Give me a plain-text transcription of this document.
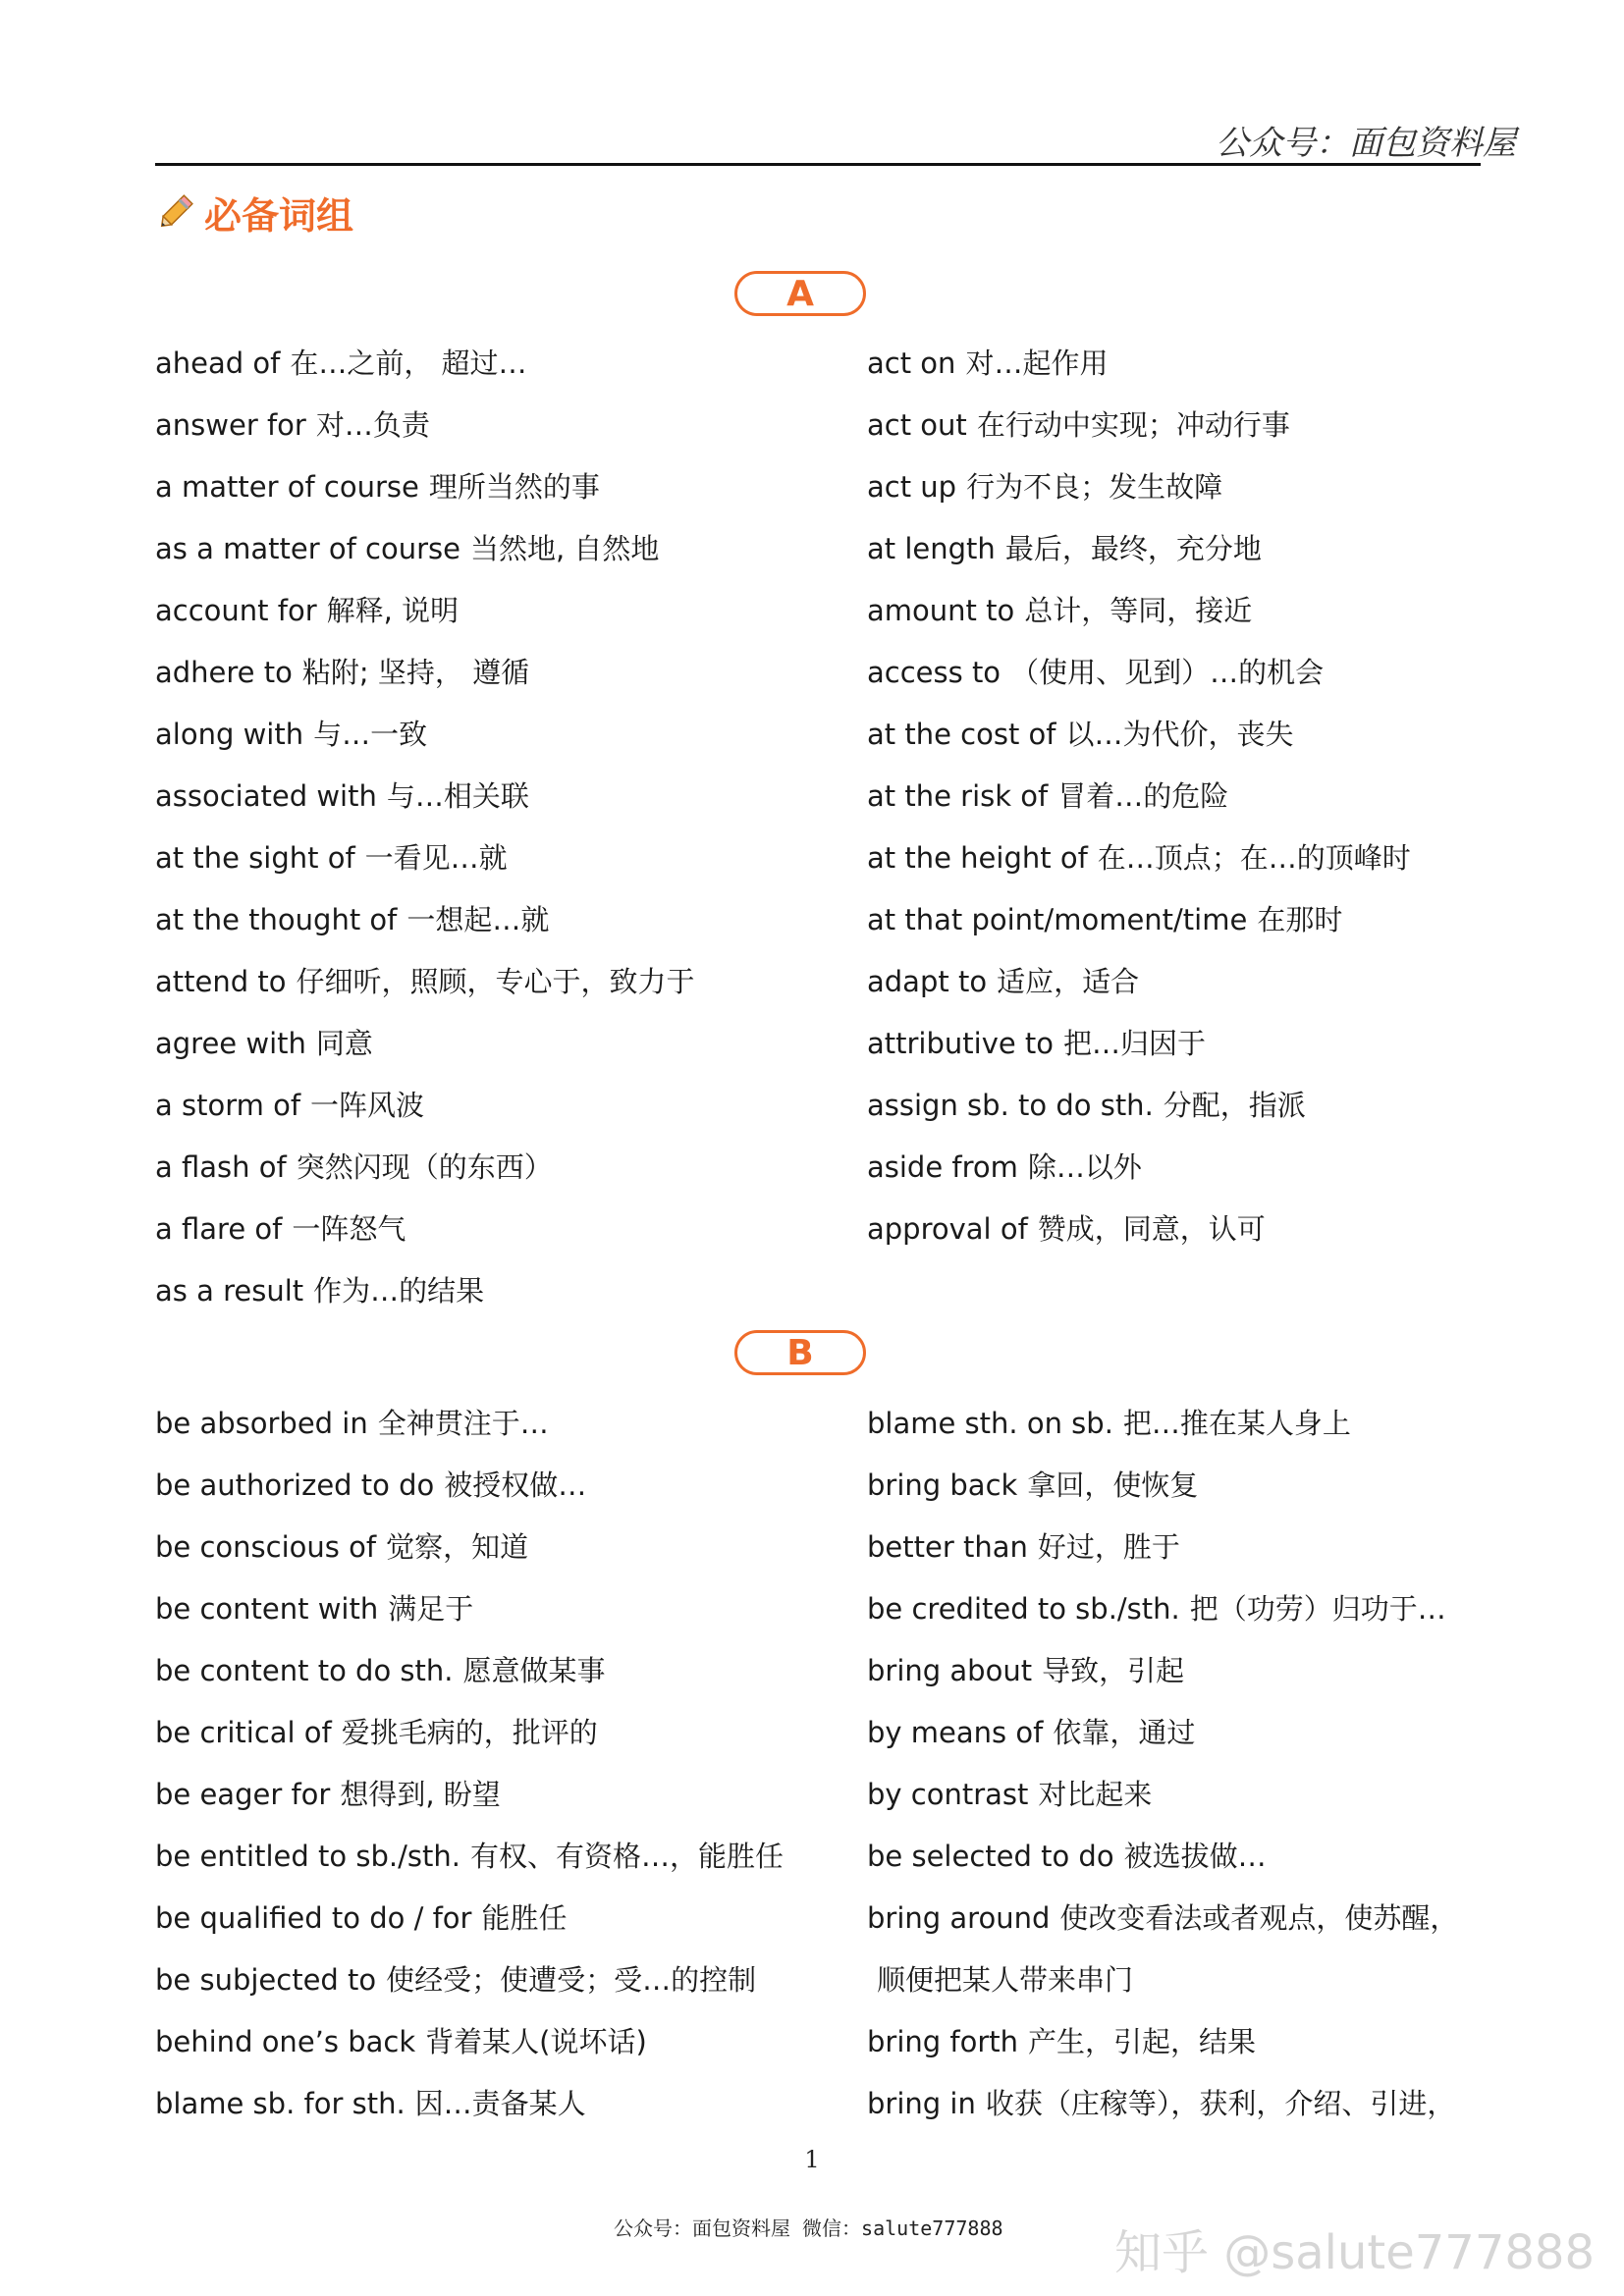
公众号：面包资料屋
必备词组
A
ahead of 在…之前， 超过…
answer for 对…负责
a matter of course 理所当然的事
as a matter of course 当然地, 自然地
account for 解释, 说明
adhere to 粘附; 坚持， 遵循
along with 与…一致
associated with 与…相关联
at the sight of 一看见…就
at the thought of 一想起…就
attend to 仔细听，照顾，专心于，致力于
agree with 同意
a storm of 一阵风波
a flash of 突然闪现（的东西）
a flare of 一阵怒气
as a result 作为…的结果
act on 对…起作用
act out 在行动中实现；冲动行事
act up 行为不良；发生故障
at length 最后，最终，充分地
amount to 总计，等同，接近
access to （使用、见到）…的机会
at the cost of 以…为代价，丧失
at the risk of 冒着…的危险
at the height of 在…顶点；在…的顶峰时
at that point/moment/time 在那时
adapt to 适应，适合
attributive to 把…归因于
assign sb. to do sth. 分配，指派
aside from 除…以外
approval of 赞成，同意，认可
B
be absorbed in 全神贯注于…
be authorized to do 被授权做…
be conscious of 觉察，知道
be content with 满足于
be content to do sth. 愿意做某事
be critical of 爱挑毛病的，批评的
be eager for 想得到, 盼望
be entitled to sb./sth. 有权、有资格…，能胜任
be qualified to do / for 能胜任
be subjected to 使经受；使遭受；受…的控制
behind one’s back 背着某人(说坏话)
blame sb. for sth. 因…责备某人
blame sth. on sb. 把…推在某人身上
bring back 拿回，使恢复
better than 好过，胜于
be credited to sb./sth. 把（功劳）归功于…
bring about 导致，引起
by means of 依靠，通过
by contrast 对比起来
be selected to do 被选拔做…
bring around 使改变看法或者观点，使苏醒，
顺便把某人带来串门
bring forth 产生，引起，结果
bring in 收获（庄稼等），获利，介绍、引进，
1
公众号：面包资料屋 微信：salute777888 知乎 @salute777888
